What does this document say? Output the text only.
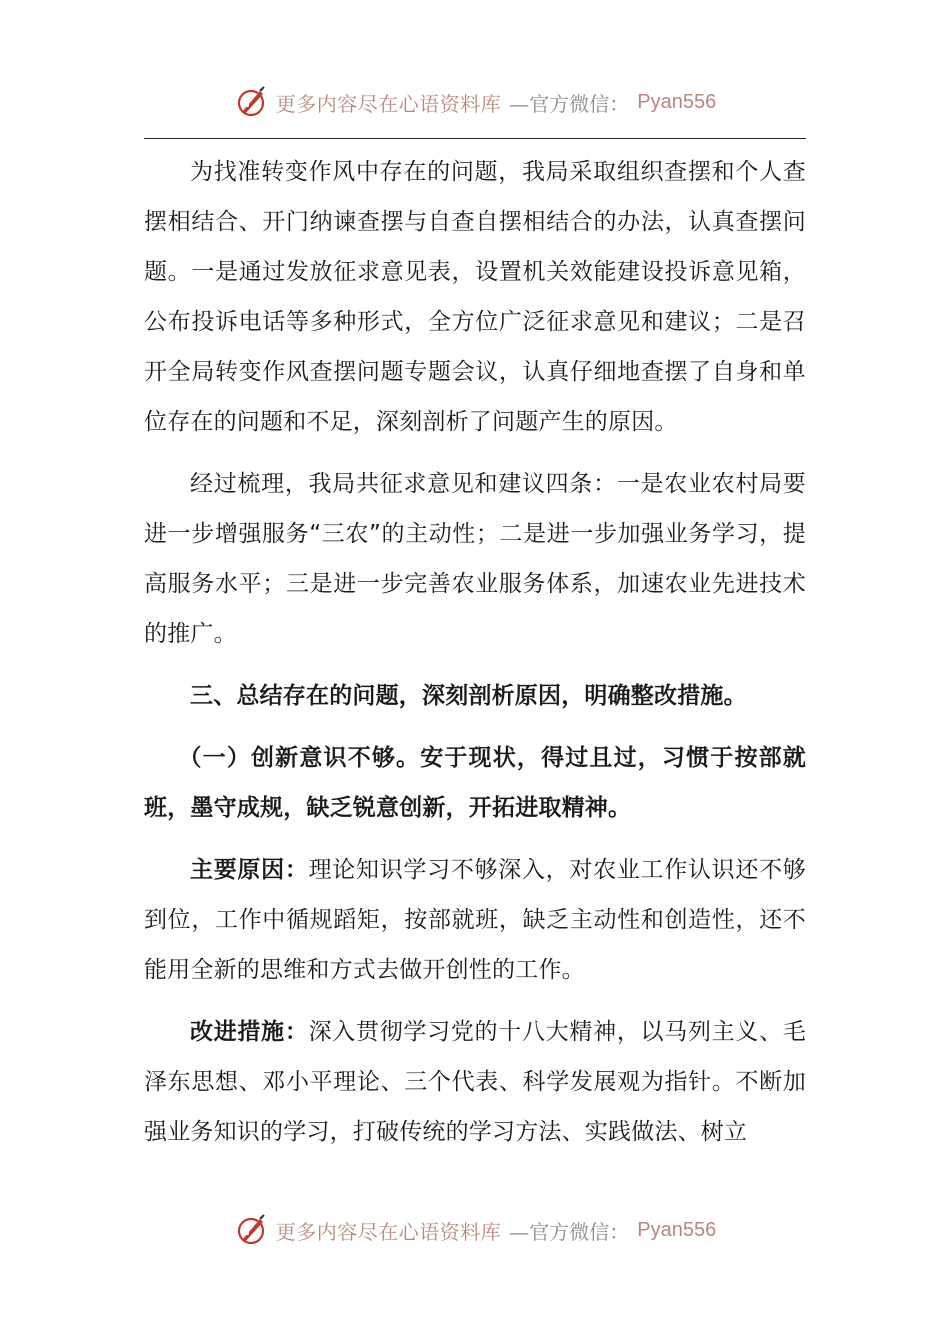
更多内容尽在心语资料库 —官方微信： Pyan556

为找准转变作风中存在的问题，我局采取组织查摆和个人查摆相结合、开门纳谏查摆与自查自摆相结合的办法，认真查摆问题。一是通过发放征求意见表，设置机关效能建设投诉意见箱，公布投诉电话等多种形式，全方位广泛征求意见和建议；二是召开全局转变作风查摆问题专题会议，认真仔细地查摆了自身和单位存在的问题和不足，深刻剖析了问题产生的原因。

经过梳理，我局共征求意见和建议四条：一是农业农村局要进一步增强服务“三农”的主动性；二是进一步加强业务学习，提高服务水平；三是进一步完善农业服务体系，加速农业先进技术的推广。

三、总结存在的问题，深刻剖析原因，明确整改措施。

（一）创新意识不够。安于现状，得过且过，习惯于按部就班，墨守成规，缺乏锐意创新，开拓进取精神。

主要原因：理论知识学习不够深入，对农业工作认识还不够到位，工作中循规蹈矩，按部就班，缺乏主动性和创造性，还不能用全新的思维和方式去做开创性的工作。

改进措施：深入贯彻学习党的十八大精神，以马列主义、毛泽东思想、邓小平理论、三个代表、科学发展观为指针。不断加强业务知识的学习，打破传统的学习方法、实践做法、树立

更多内容尽在心语资料库 —官方微信： Pyan556
